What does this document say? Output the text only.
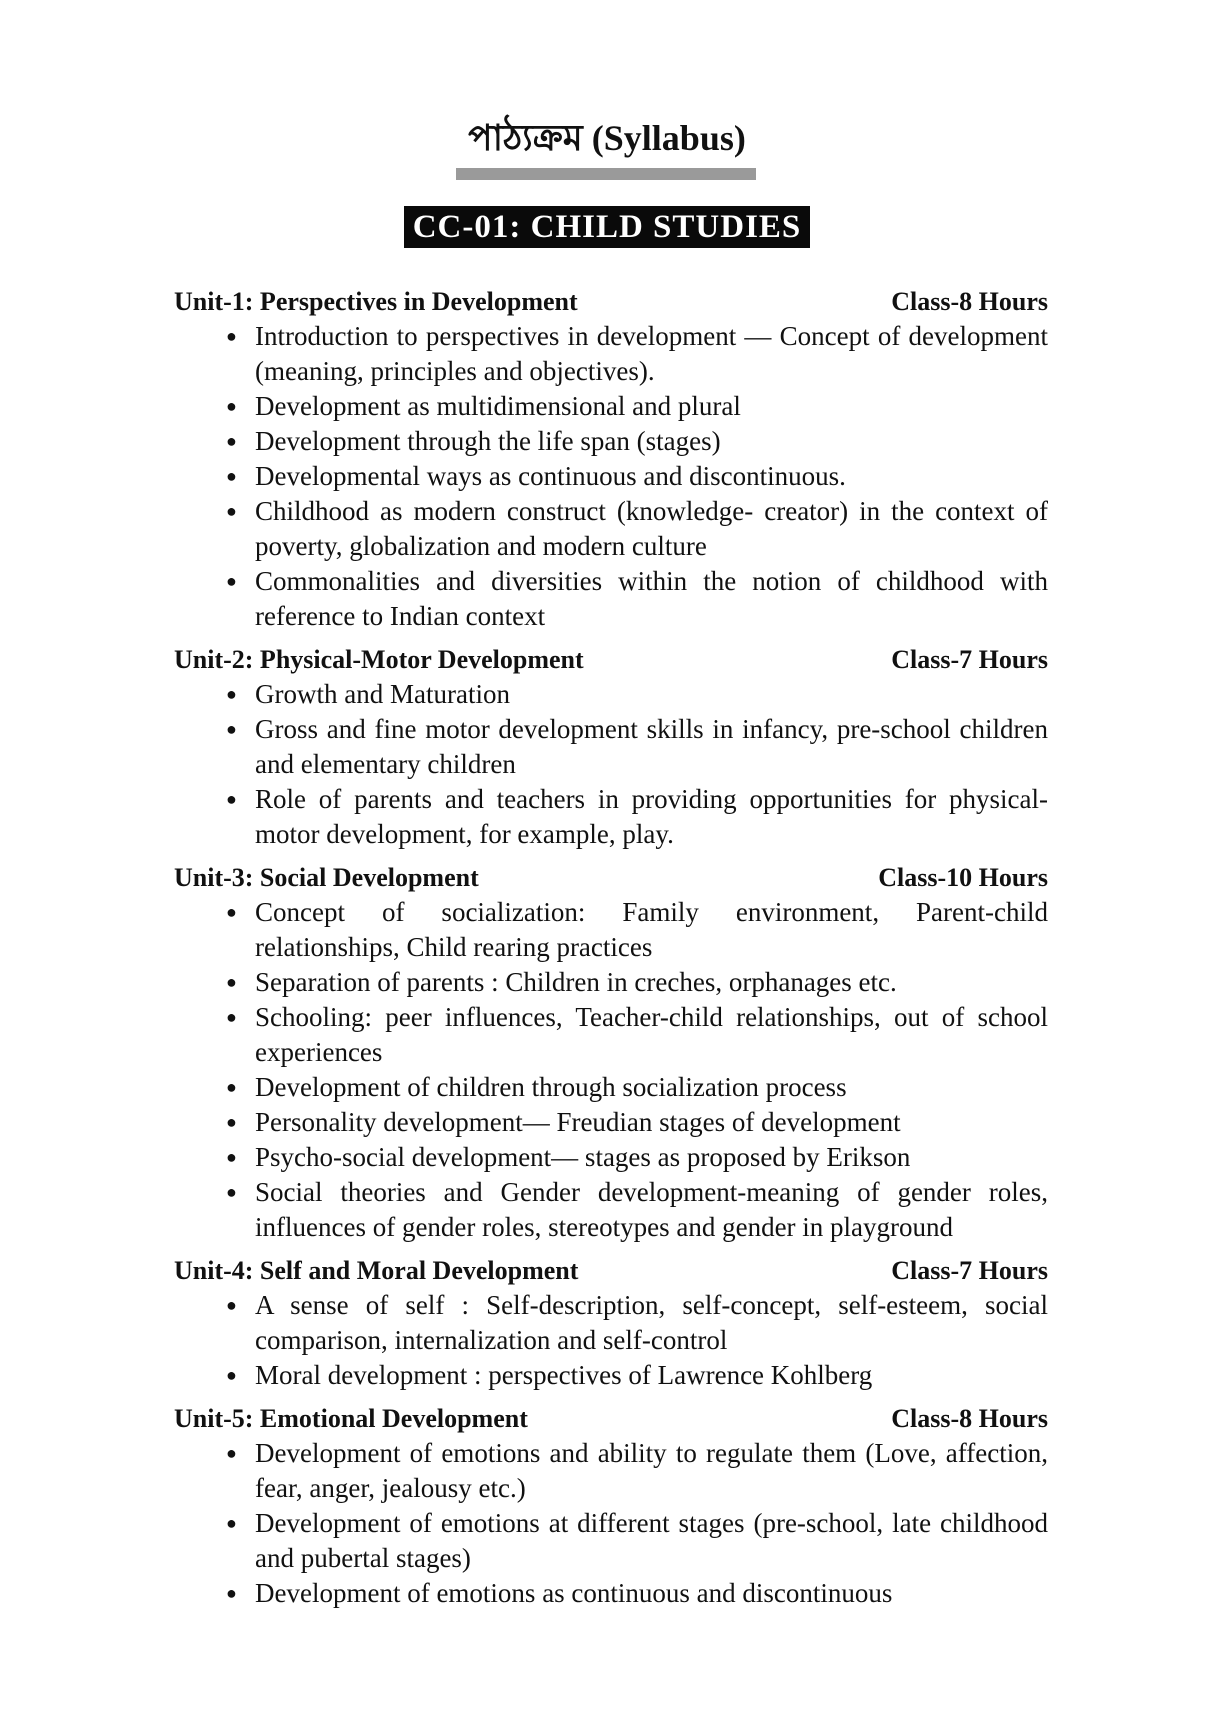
পাঠ্যক্রম (Syllabus)
CC-01: CHILD STUDIES
Unit-1: Perspectives in Development	Class-8 Hours
● Introduction to perspectives in development — Concept of development (meaning, principles and objectives).
● Development as multidimensional and plural
● Development through the life span (stages)
● Developmental ways as continuous and discontinuous.
● Childhood as modern construct (knowledge- creator) in the context of poverty, globalization and modern culture
● Commonalities and diversities within the notion of childhood with reference to Indian context
Unit-2: Physical-Motor Development	Class-7 Hours
● Growth and Maturation
● Gross and fine motor development skills in infancy, pre-school children and elementary children
● Role of parents and teachers in providing opportunities for physical-motor development, for example, play.
Unit-3: Social Development	Class-10 Hours
● Concept of socialization: Family environment, Parent-child relationships, Child rearing practices
● Separation of parents : Children in creches, orphanages etc.
● Schooling: peer influences, Teacher-child relationships, out of school experiences
● Development of children through socialization process
● Personality development— Freudian stages of development
● Psycho-social development— stages as proposed by Erikson
● Social theories and Gender development-meaning of gender roles, influences of gender roles, stereotypes and gender in playground
Unit-4: Self and Moral Development	Class-7 Hours
● A sense of self : Self-description, self-concept, self-esteem, social comparison, internalization and self-control
● Moral development : perspectives of Lawrence Kohlberg
Unit-5: Emotional Development	Class-8 Hours
● Development of emotions and ability to regulate them (Love, affection, fear, anger, jealousy etc.)
● Development of emotions at different stages (pre-school, late childhood and pubertal stages)
● Development of emotions as continuous and discontinuous
